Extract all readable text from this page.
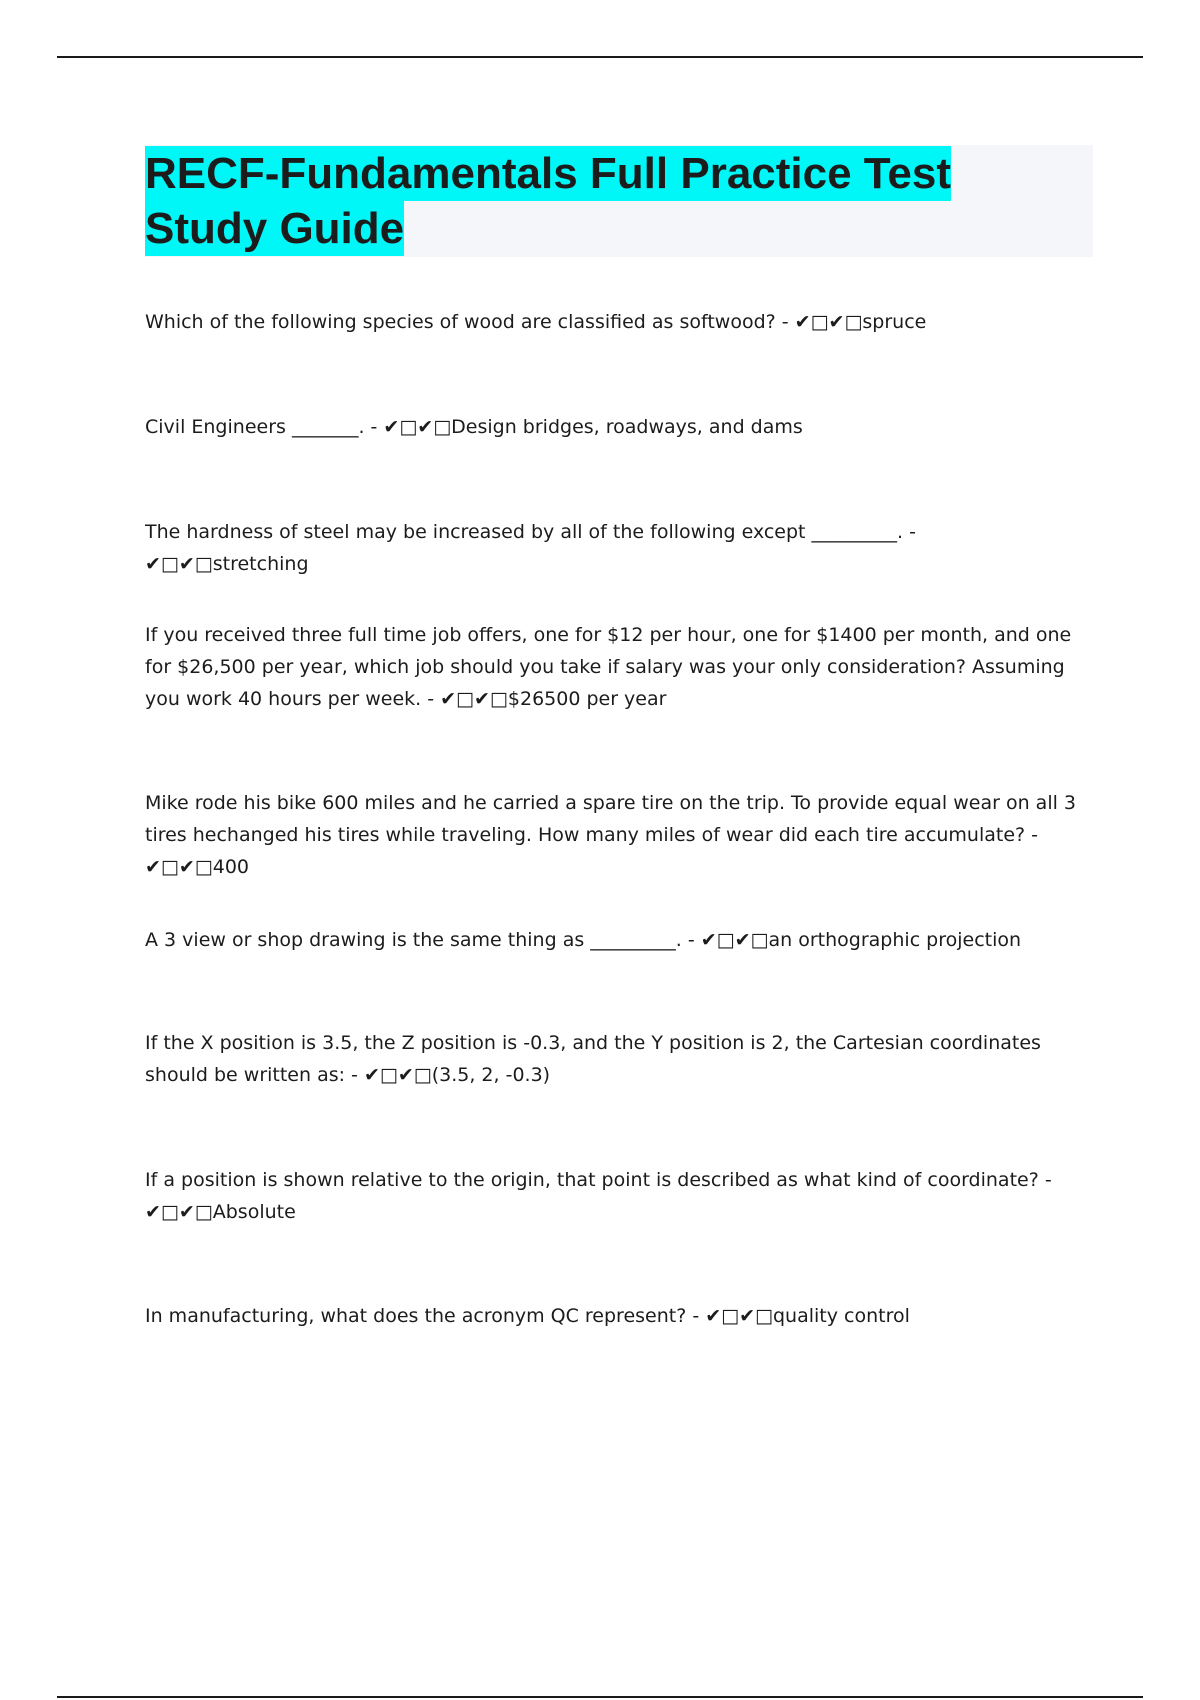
RECF-Fundamentals Full Practice Test
Study Guide
Which of the following species of wood are classified as softwood? - ✔□✔□spruce
Civil Engineers _______. - ✔□✔□Design bridges, roadways, and dams
The hardness of steel may be increased by all of the following except _________. - ✔□✔□stretching
If you received three full time job offers, one for $12 per hour, one for $1400 per month, and one for $26,500 per year, which job should you take if salary was your only consideration? Assuming you work 40 hours per week. - ✔□✔□$26500 per year
Mike rode his bike 600 miles and he carried a spare tire on the trip. To provide equal wear on all 3 tires hechanged his tires while traveling. How many miles of wear did each tire accumulate? - ✔□✔□400
A 3 view or shop drawing is the same thing as _________. - ✔□✔□an orthographic projection
If the X position is 3.5, the Z position is -0.3, and the Y position is 2, the Cartesian coordinates should be written as: - ✔□✔□(3.5, 2, -0.3)
If a position is shown relative to the origin, that point is described as what kind of coordinate? - ✔□✔□Absolute
In manufacturing, what does the acronym QC represent? - ✔□✔□quality control
